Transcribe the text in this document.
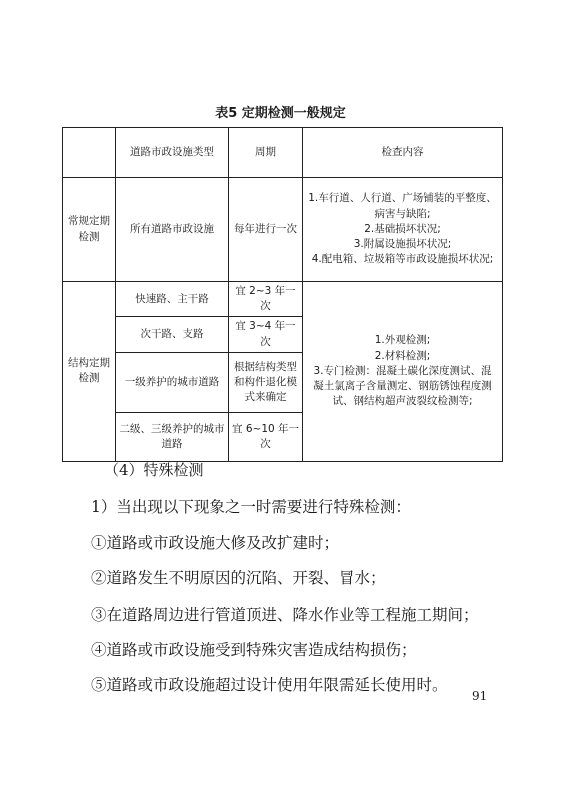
表5 定期检测一般规定
	道路市政设施类型	周期	检查内容
常规定期检测	所有道路市政设施	每年进行一次	1.车行道、人行道、广场铺装的平整度、
病害与缺陷;
2.基础损坏状况;
3.附属设施损坏状况;
4.配电箱、垃圾箱等市政设施损坏状况;

结构定期检测	快速路、主干路	宜 2~3 年一次	1.外观检测;
2.材料检测;
3.专门检测：混凝土碳化深度测试、混
凝土氯离子含量测定、钢筋锈蚀程度测
试、钢结构超声波裂纹检测等;

	次干路、支路	宜 3~4 年一次	
	一级养护的城市道路	根据结构类型和构件退化模式来确定	
	二级、三级养护的城市道路	宜 6~10 年一次	
（4）特殊检测
1）当出现以下现象之一时需要进行特殊检测：
①道路或市政设施大修及改扩建时；
②道路发生不明原因的沉陷、开裂、冒水；
③在道路周边进行管道顶进、降水作业等工程施工期间；
④道路或市政设施受到特殊灾害造成结构损伤；
⑤道路或市政设施超过设计使用年限需延长使用时。
91
